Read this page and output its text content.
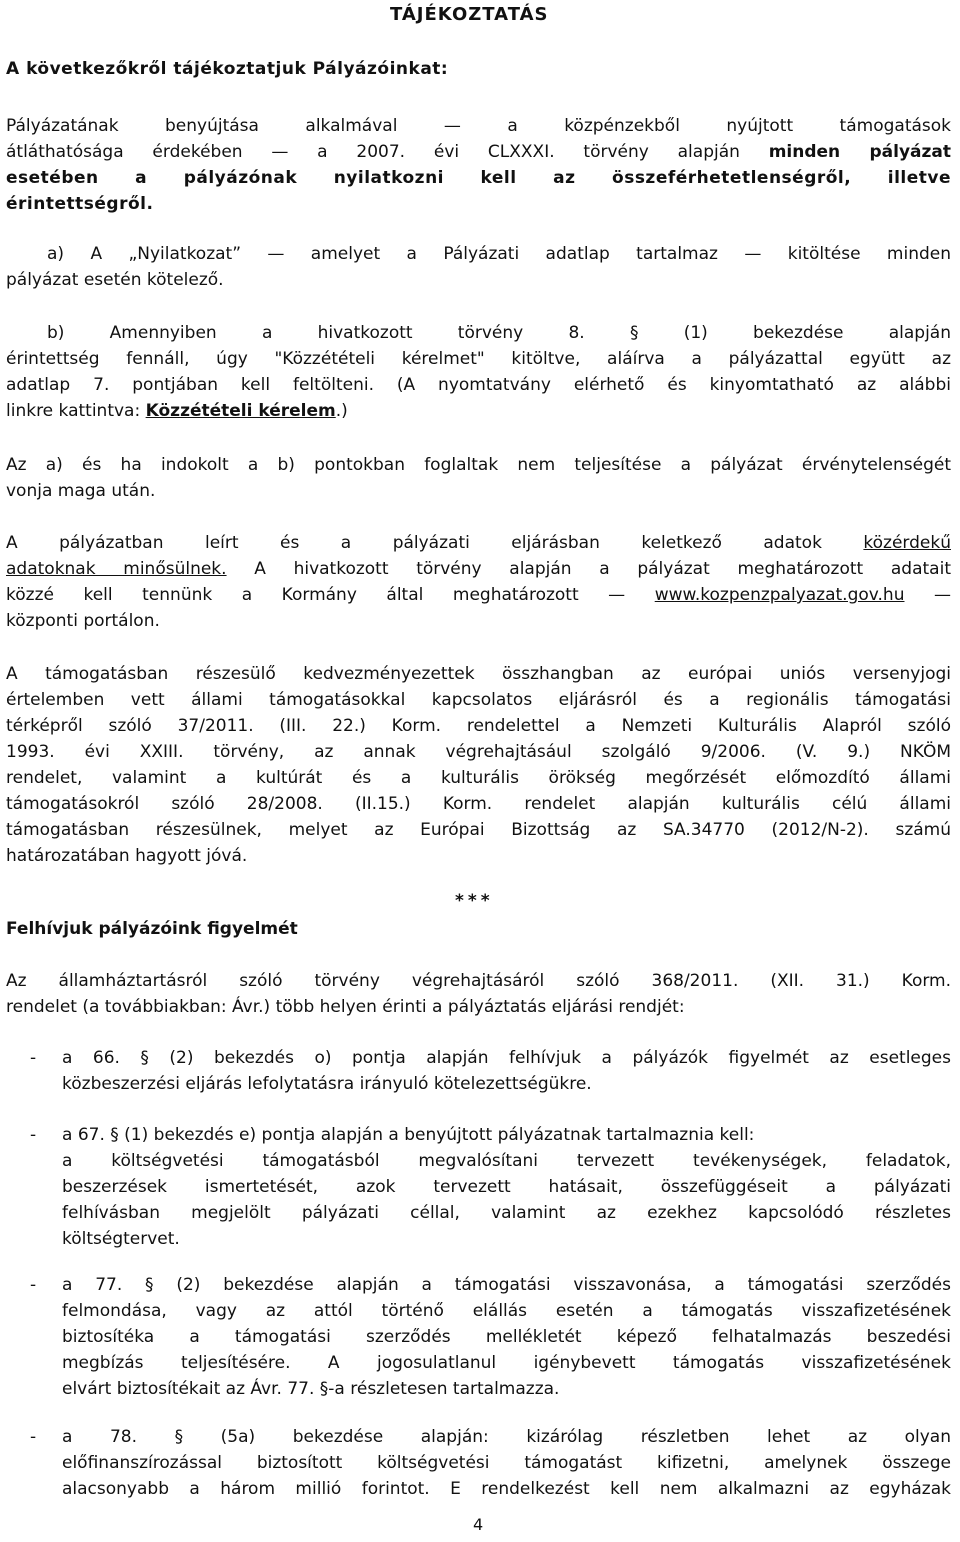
TÁJÉKOZTATÁS
A következőkről tájékoztatjuk Pályázóinkat:
Pályázatának benyújtása alkalmával — a közpénzekből nyújtott támogatások
átláthatósága érdekében — a 2007. évi CLXXXI. törvény alapján minden pályázat
esetében a pályázónak nyilatkozni kell az összeférhetetlenségről, illetve
érintettségről.
a) A „Nyilatkozat” — amelyet a Pályázati adatlap tartalmaz — kitöltése minden
pályázat esetén kötelező.
b) Amennyiben a hivatkozott törvény 8. § (1) bekezdése alapján
érintettség fennáll, úgy "Közzétételi kérelmet" kitöltve, aláírva a pályázattal együtt az
adatlap 7. pontjában kell feltölteni. (A nyomtatvány elérhető és kinyomtatható az alábbi
linkre kattintva: Közzétételi kérelem.)
Az a) és ha indokolt a b) pontokban foglaltak nem teljesítése a pályázat érvénytelenségét
vonja maga után.
A pályázatban leírt és a pályázati eljárásban keletkező adatok közérdekű
adatoknak minősülnek. A hivatkozott törvény alapján a pályázat meghatározott adatait
közzé kell tennünk a Kormány által meghatározott — www.kozpenzpalyazat.gov.hu —
központi portálon.
A támogatásban részesülő kedvezményezettek összhangban az európai uniós versenyjogi
értelemben vett állami támogatásokkal kapcsolatos eljárásról és a regionális támogatási
térképről szóló 37/2011. (III. 22.) Korm. rendelettel a Nemzeti Kulturális Alapról szóló
1993. évi XXIII. törvény, az annak végrehajtásául szolgáló 9/2006. (V. 9.) NKÖM
rendelet, valamint a kultúrát és a kulturális örökség megőrzését előmozdító állami
támogatásokról szóló 28/2008. (II.15.) Korm. rendelet alapján kulturális célú állami
támogatásban részesülnek, melyet az Európai Bizottság az SA.34770 (2012/N-2). számú
határozatában hagyott jóvá.
***
Felhívjuk pályázóink figyelmét
Az államháztartásról szóló törvény végrehajtásáról szóló 368/2011. (XII. 31.) Korm.
rendelet (a továbbiakban: Ávr.) több helyen érinti a pályáztatás eljárási rendjét:
-	a 66. § (2) bekezdés o) pontja alapján felhívjuk a pályázók figyelmét az esetleges
közbeszerzési eljárás lefolytatásra irányuló kötelezettségükre.
-	a 67. § (1) bekezdés e) pontja alapján a benyújtott pályázatnak tartalmaznia kell:
a költségvetési támogatásból megvalósítani tervezett tevékenységek, feladatok,
beszerzések ismertetését, azok tervezett hatásait, összefüggéseit a pályázati
felhívásban megjelölt pályázati céllal, valamint az ezekhez kapcsolódó részletes
költségtervet.
-	a 77. § (2) bekezdése alapján a támogatási visszavonása, a támogatási szerződés
felmondása, vagy az attól történő elállás esetén a támogatás visszafizetésének
biztosítéka a támogatási szerződés mellékletét képező felhatalmazás beszedési
megbízás teljesítésére. A jogosulatlanul igénybevett támogatás visszafizetésének
elvárt biztosítékait az Ávr. 77. §-a részletesen tartalmazza.
-	a 78. § (5a) bekezdése alapján: kizárólag részletben lehet az olyan
előfinanszírozással biztosított költségvetési támogatást kifizetni, amelynek összege
alacsonyabb a három millió forintot. E rendelkezést kell nem alkalmazni az egyházak
4
